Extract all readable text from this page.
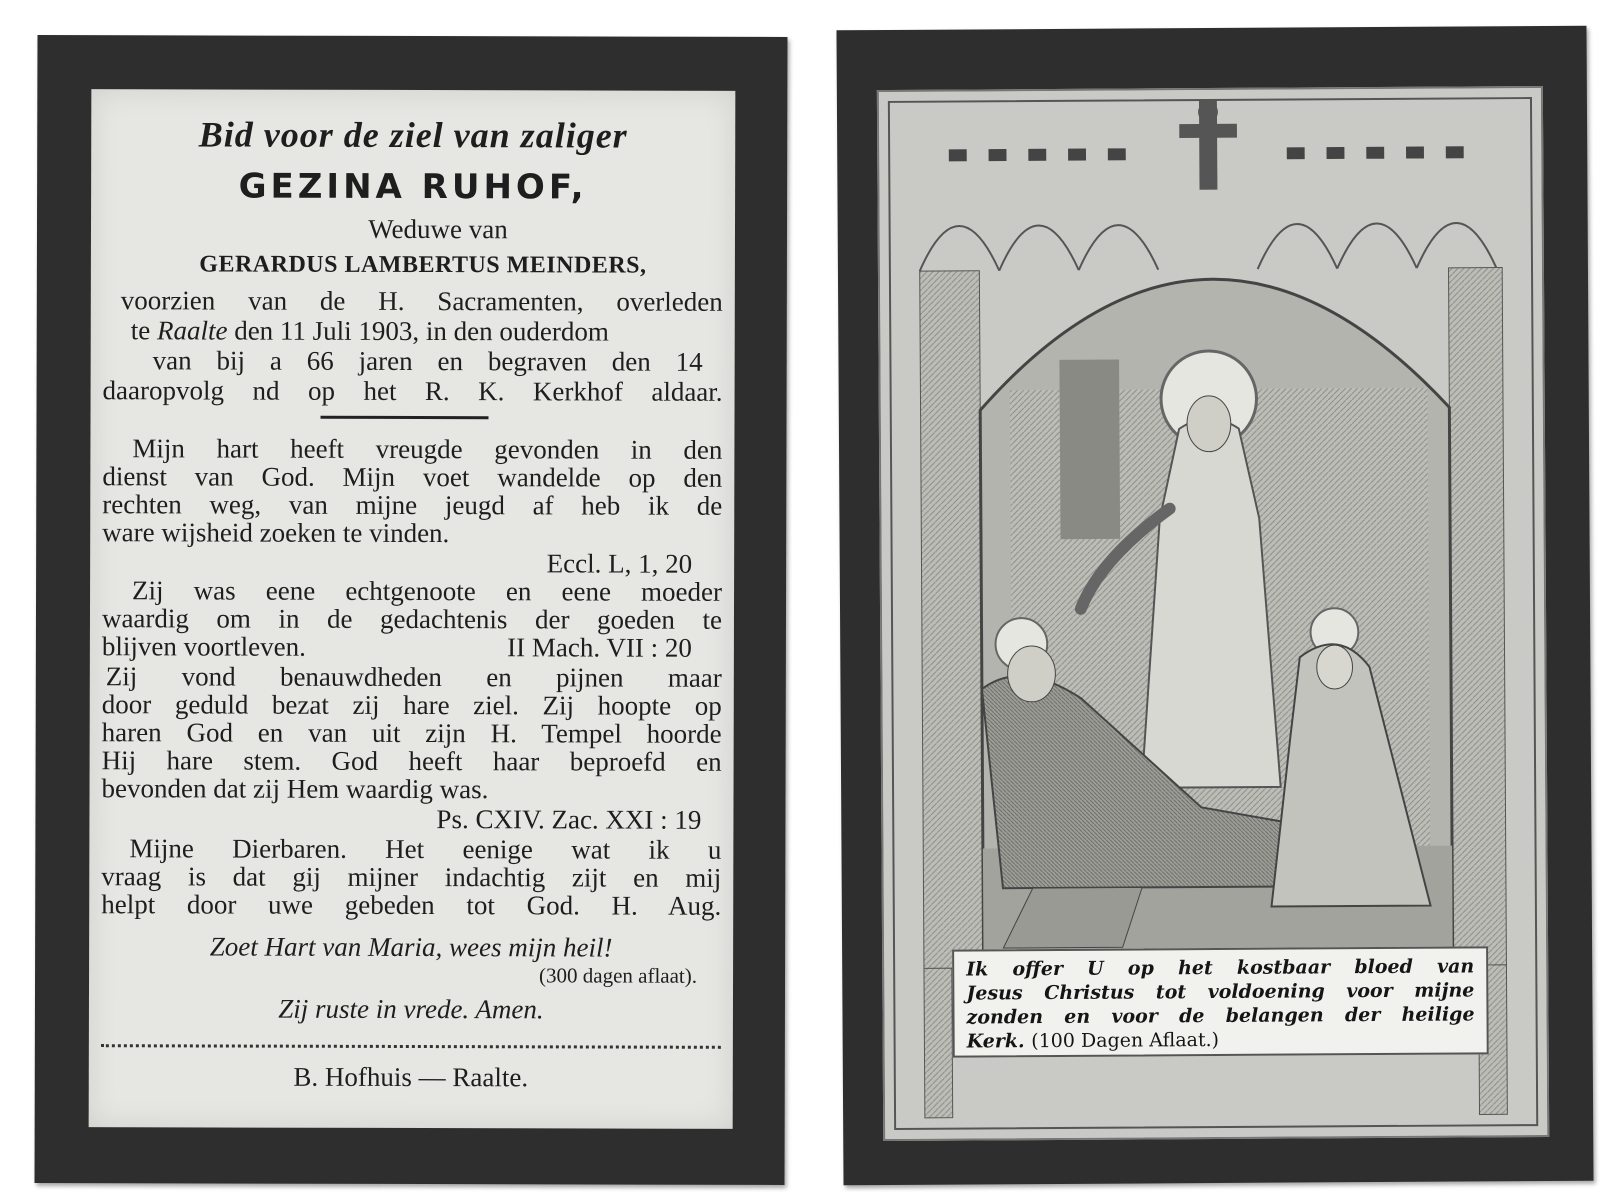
Bid voor de ziel van zaliger
GEZINA RUHOF,
Weduwe van
GERARDUS LAMBERTUS MEINDERS,
voorzien van de H. Sacramenten, overleden
te Raalte den 11 Juli 1903, in den ouderdom
van bij a 66 jaren en begraven den 14
daaropvolg nd op het R. K. Kerkhof aldaar.
Mijn hart heeft vreugde gevonden in den
dienst van God. Mijn voet wandelde op den
rechten weg, van mijne jeugd af heb ik de
ware wijsheid zoeken te vinden.
Eccl. L, 1, 20
Zij was eene echtgenoote en eene moeder
waardig om in de gedachtenis der goeden te
blijven voortleven.	II Mach. VII : 20
Zij vond benauwdheden en pijnen maar
door geduld bezat zij hare ziel. Zij hoopte op
haren God en van uit zijn H. Tempel hoorde
Hij hare stem. God heeft haar beproefd en
bevonden dat zij Hem waardig was.
Ps. CXIV. Zac. XXI : 19
Mijne Dierbaren. Het eenige wat ik u
vraag is dat gij mijner indachtig zijt en mij
helpt door uwe gebeden tot God. H. Aug.
Zoet Hart van Maria, wees mijn heil!
(300 dagen aflaat).
Zij ruste in vrede. Amen.
B. Hofhuis — Raalte.
Ik offer U op het kostbaar bloed van
Jesus Christus tot voldoening voor mijne
zonden en voor de belangen der heilige
Kerk. (100 Dagen Aflaat.)
